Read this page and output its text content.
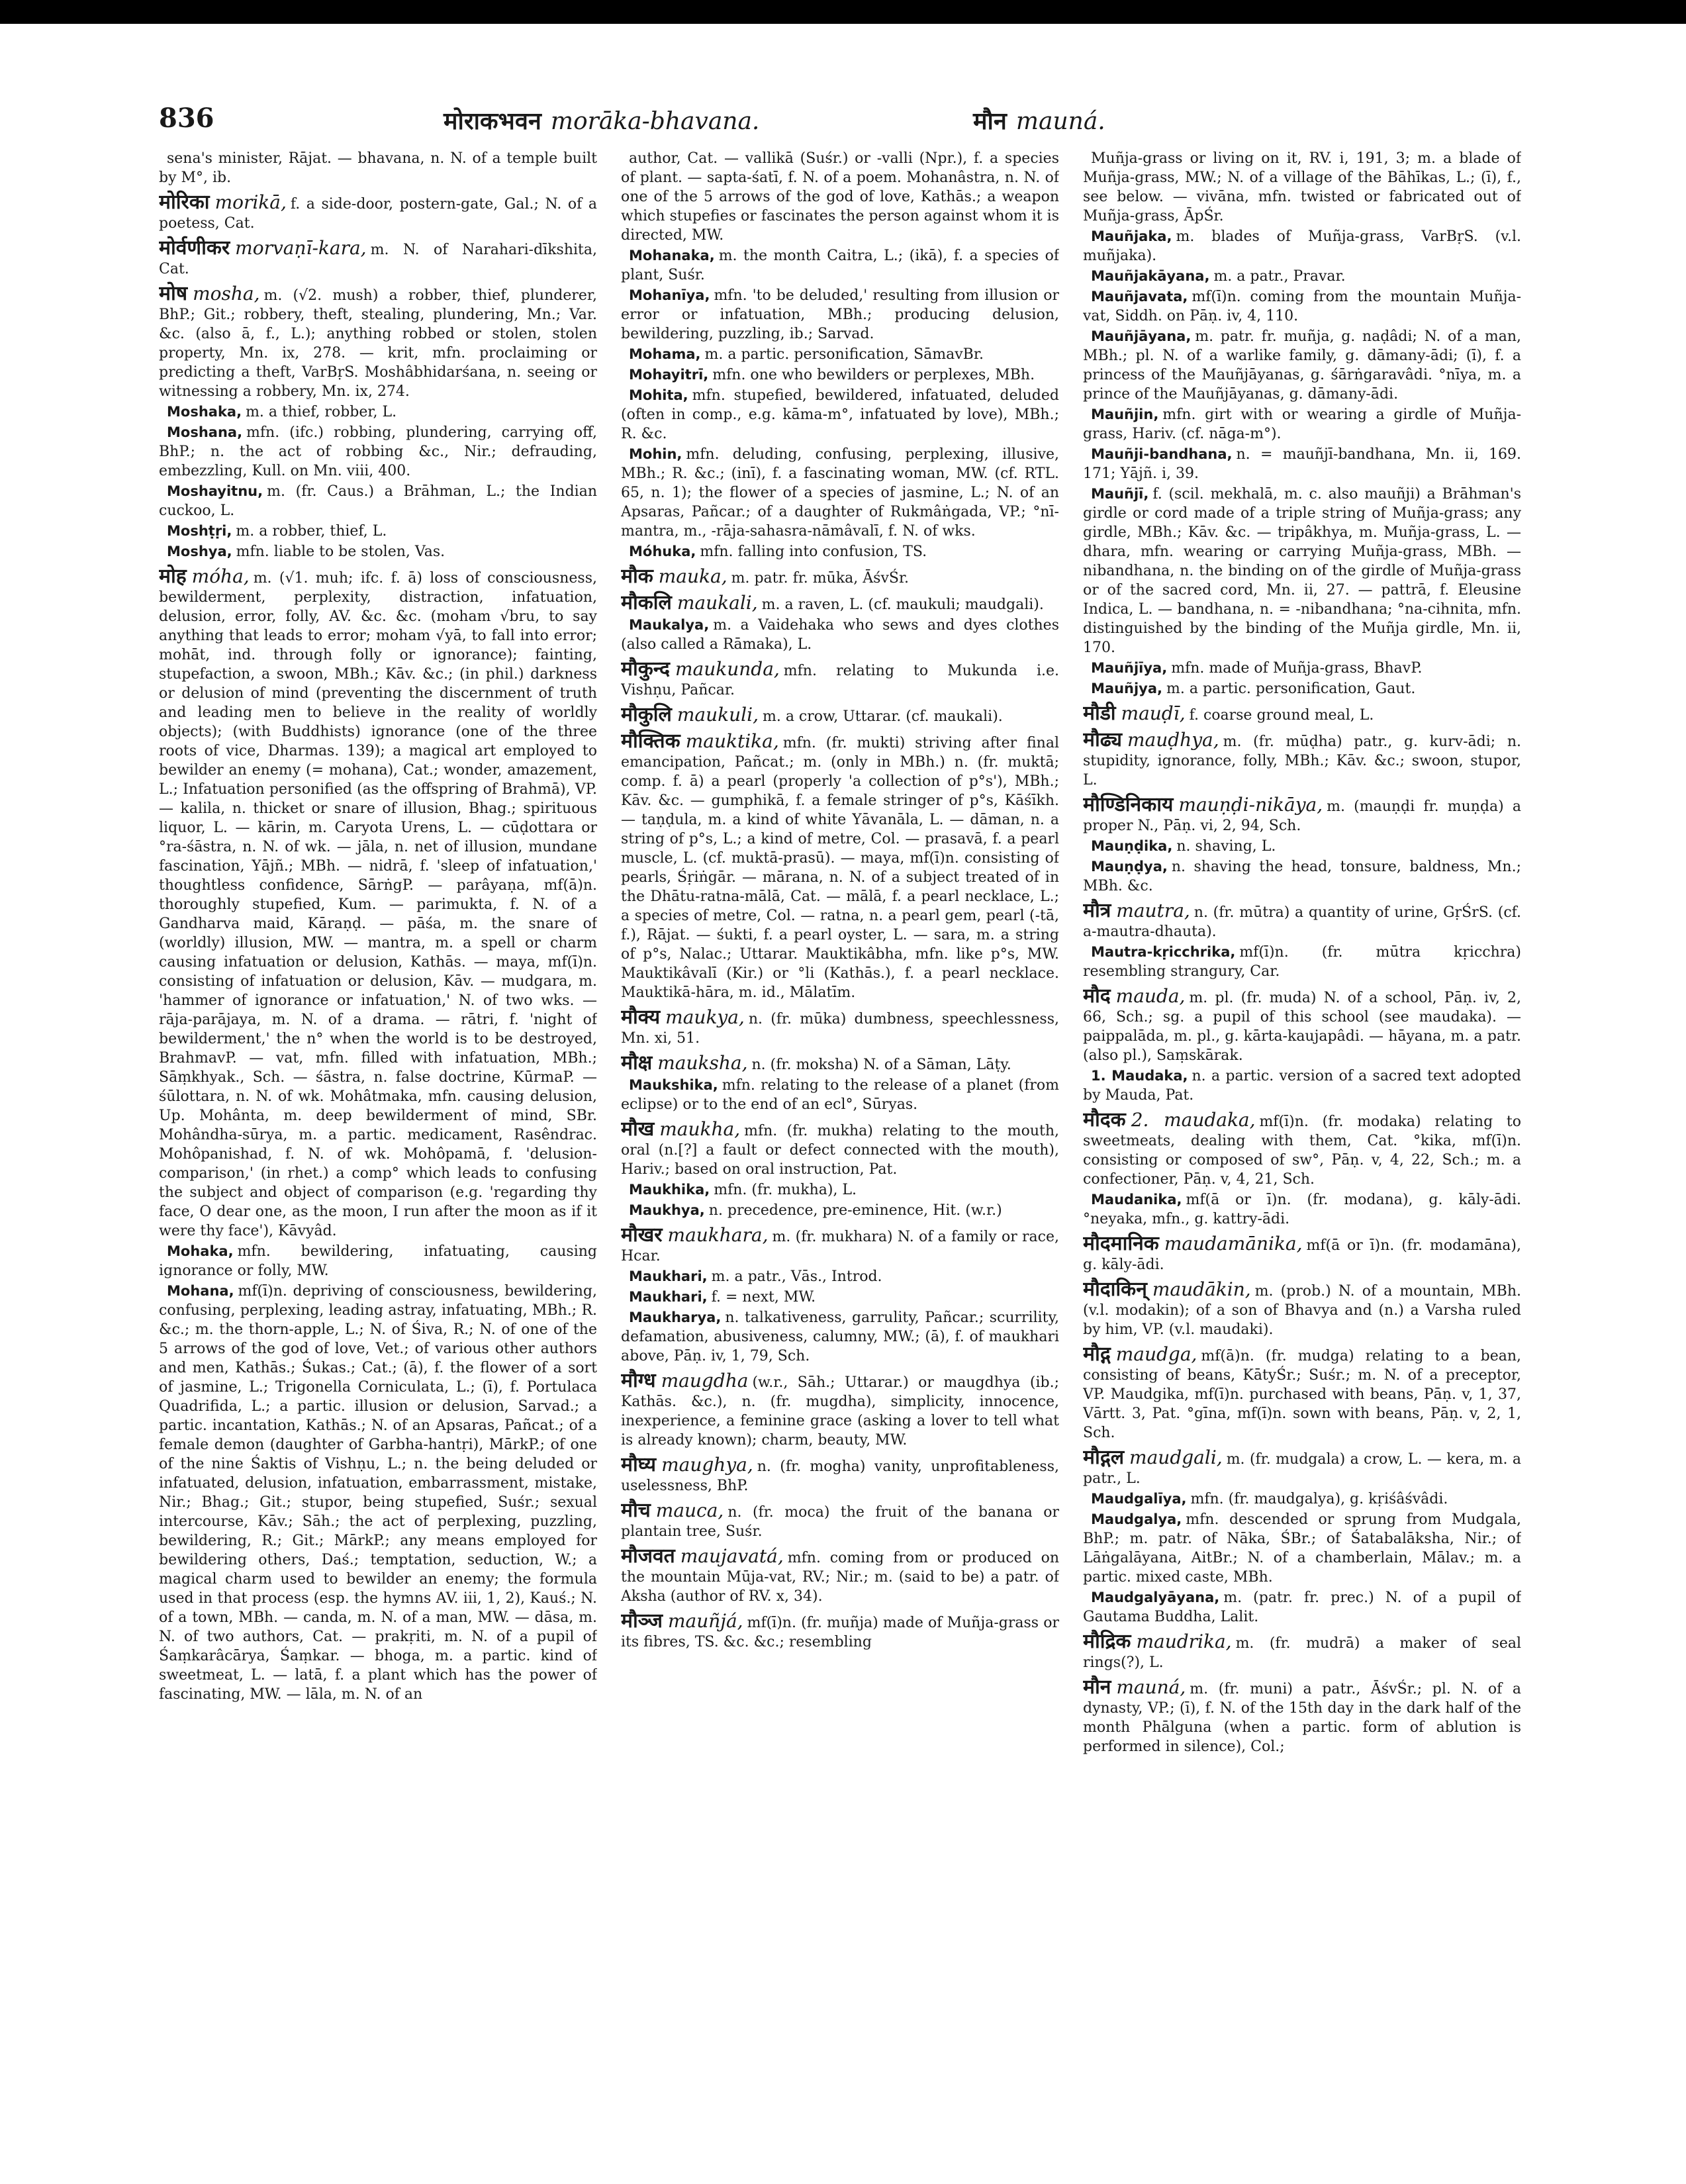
836	मोराकभवन morāka-bhavana.	मौन mauná.

sena's minister, Rājat. — bhavana, n. N. of a temple built by M°, ib.

मोरिका morikā, f. a side-door, postern-gate, Gal.; N. of a poetess, Cat.

मोर्वणीकर morvaṇī-kara, m. N. of Narahari-dīkshita, Cat.

मोष mosha, m. (√2. mush) a robber, thief, plunderer, BhP.; Git.; robbery, theft, stealing, plundering, Mn.; Var. &c. (also ā, f., L.); anything robbed or stolen, stolen property, Mn. ix, 278. — krit, mfn. proclaiming or predicting a theft, VarBṛS. Moshâbhidarśana, n. seeing or witnessing a robbery, Mn. ix, 274.

Moshaka, m. a thief, robber, L.

Moshana, mfn. (ifc.) robbing, plundering, carrying off, BhP.; n. the act of robbing &c., Nir.; defrauding, embezzling, Kull. on Mn. viii, 400.

Moshayitnu, m. (fr. Caus.) a Brāhman, L.; the Indian cuckoo, L.

Moshṭṛi, m. a robber, thief, L.

Moshya, mfn. liable to be stolen, Vas.

मोह móha, m. (√1. muh; ifc. f. ā) loss of consciousness, bewilderment, perplexity, distraction, infatuation, delusion, error, folly, AV. &c. &c. (moham √bru, to say anything that leads to error; moham √yā, to fall into error; mohāt, ind. through folly or ignorance); fainting, stupefaction, a swoon, MBh.; Kāv. &c.; (in phil.) darkness or delusion of mind (preventing the discernment of truth and leading men to believe in the reality of worldly objects); (with Buddhists) ignorance (one of the three roots of vice, Dharmas. 139); a magical art employed to bewilder an enemy (= mohana), Cat.; wonder, amazement, L.; Infatuation personified (as the offspring of Brahmā), VP. — kalila, n. thicket or snare of illusion, Bhag.; spirituous liquor, L. — kārin, m. Caryota Urens, L. — cūḍottara or °ra-śāstra, n. N. of wk. — jāla, n. net of illusion, mundane fascination, Yājñ.; MBh. — nidrā, f. 'sleep of infatuation,' thoughtless confidence, SārṅgP. — parâyaṇa, mf(ā)n. thoroughly stupefied, Kum. — parimukta, f. N. of a Gandharva maid, Kāraṇḍ. — pāśa, m. the snare of (worldly) illusion, MW. — mantra, m. a spell or charm causing infatuation or delusion, Kathās. — maya, mf(ī)n. consisting of infatuation or delusion, Kāv. — mudgara, m. 'hammer of ignorance or infatuation,' N. of two wks. — rāja-parājaya, m. N. of a drama. — rātri, f. 'night of bewilderment,' the n° when the world is to be destroyed, BrahmavP. — vat, mfn. filled with infatuation, MBh.; Sāṃkhyak., Sch. — śāstra, n. false doctrine, KūrmaP. — śūlottara, n. N. of wk. Mohâtmaka, mfn. causing delusion, Up. Mohânta, m. deep bewilderment of mind, SBr. Mohândha-sūrya, m. a partic. medicament, Rasêndrac. Mohôpanishad, f. N. of wk. Mohôpamā, f. 'delusion-comparison,' (in rhet.) a comp° which leads to confusing the subject and object of comparison (e.g. 'regarding thy face, O dear one, as the moon, I run after the moon as if it were thy face'), Kāvyâd.

Mohaka, mfn. bewildering, infatuating, causing ignorance or folly, MW.

Mohana, mf(ī)n. depriving of consciousness, bewildering, confusing, perplexing, leading astray, infatuating, MBh.; R. &c.; m. the thorn-apple, L.; N. of Śiva, R.; N. of one of the 5 arrows of the god of love, Vet.; of various other authors and men, Kathās.; Śukas.; Cat.; (ā), f. the flower of a sort of jasmine, L.; Trigonella Corniculata, L.; (ī), f. Portulaca Quadrifida, L.; a partic. illusion or delusion, Sarvad.; a partic. incantation, Kathās.; N. of an Apsaras, Pañcat.; of a female demon (daughter of Garbha-hantṛi), MārkP.; of one of the nine Śaktis of Vishṇu, L.; n. the being deluded or infatuated, delusion, infatuation, embarrassment, mistake, Nir.; Bhag.; Git.; stupor, being stupefied, Suśr.; sexual intercourse, Kāv.; Sāh.; the act of perplexing, puzzling, bewildering, R.; Git.; MārkP.; any means employed for bewildering others, Daś.; temptation, seduction, W.; a magical charm used to bewilder an enemy; the formula used in that process (esp. the hymns AV. iii, 1, 2), Kauś.; N. of a town, MBh. — canda, m. N. of a man, MW. — dāsa, m. N. of two authors, Cat. — prakṛiti, m. N. of a pupil of Śaṃkarâcārya, Śaṃkar. — bhoga, m. a partic. kind of sweetmeat, L. — latā, f. a plant which has the power of fascinating, MW. — lāla, m. N. of an

author, Cat. — vallikā (Suśr.) or -valli (Npr.), f. a species of plant. — sapta-śatī, f. N. of a poem. Mohanâstra, n. N. of one of the 5 arrows of the god of love, Kathās.; a weapon which stupefies or fascinates the person against whom it is directed, MW.

Mohanaka, m. the month Caitra, L.; (ikā), f. a species of plant, Suśr.

Mohanīya, mfn. 'to be deluded,' resulting from illusion or error or infatuation, MBh.; producing delusion, bewildering, puzzling, ib.; Sarvad.

Mohama, m. a partic. personification, SāmavBr.

Mohayitrī, mfn. one who bewilders or perplexes, MBh.

Mohita, mfn. stupefied, bewildered, infatuated, deluded (often in comp., e.g. kāma-m°, infatuated by love), MBh.; R. &c.

Mohin, mfn. deluding, confusing, perplexing, illusive, MBh.; R. &c.; (inī), f. a fascinating woman, MW. (cf. RTL. 65, n. 1); the flower of a species of jasmine, L.; N. of an Apsaras, Pañcar.; of a daughter of Rukmâṅgada, VP.; °nī-mantra, m., -rāja-sahasra-nāmâvalī, f. N. of wks.

Móhuka, mfn. falling into confusion, TS.

मौक mauka, m. patr. fr. mūka, ĀśvŚr.

मौकलि maukali, m. a raven, L. (cf. maukuli; maudgali).

Maukalya, m. a Vaidehaka who sews and dyes clothes (also called a Rāmaka), L.

मौकुन्द maukunda, mfn. relating to Mukunda i.e. Vishṇu, Pañcar.

मौकुलि maukuli, m. a crow, Uttarar. (cf. maukali).

मौक्तिक mauktika, mfn. (fr. mukti) striving after final emancipation, Pañcat.; m. (only in MBh.) n. (fr. muktā; comp. f. ā) a pearl (properly 'a collection of p°s'), MBh.; Kāv. &c. — gumphikā, f. a female stringer of p°s, Kāśīkh. — taṇḍula, m. a kind of white Yāvanāla, L. — dāman, n. a string of p°s, L.; a kind of metre, Col. — prasavā, f. a pearl muscle, L. (cf. muktā-prasū). — maya, mf(ī)n. consisting of pearls, Śṛiṅgār. — mārana, n. N. of a subject treated of in the Dhātu-ratna-mālā, Cat. — mālā, f. a pearl necklace, L.; a species of metre, Col. — ratna, n. a pearl gem, pearl (-tā, f.), Rājat. — śukti, f. a pearl oyster, L. — sara, m. a string of p°s, Nalac.; Uttarar. Mauktikâbha, mfn. like p°s, MW. Mauktikâvalī (Kir.) or °li (Kathās.), f. a pearl necklace. Mauktikā-hāra, m. id., Mālatīm.

मौक्य maukya, n. (fr. mūka) dumbness, speechlessness, Mn. xi, 51.

मौक्ष mauksha, n. (fr. moksha) N. of a Sāman, Lāṭy.

Maukshika, mfn. relating to the release of a planet (from eclipse) or to the end of an ecl°, Sūryas.

मौख maukha, mfn. (fr. mukha) relating to the mouth, oral (n.[?] a fault or defect connected with the mouth), Hariv.; based on oral instruction, Pat.

Maukhika, mfn. (fr. mukha), L.

Maukhya, n. precedence, pre-eminence, Hit. (w.r.)

मौखर maukhara, m. (fr. mukhara) N. of a family or race, Hcar.

Maukhari, m. a patr., Vās., Introd.

Maukhari, f. = next, MW.

Maukharya, n. talkativeness, garrulity, Pañcar.; scurrility, defamation, abusiveness, calumny, MW.; (ā), f. of maukhari above, Pāṇ. iv, 1, 79, Sch.

मौग्ध maugdha (w.r., Sāh.; Uttarar.) or maugdhya (ib.; Kathās. &c.), n. (fr. mugdha), simplicity, innocence, inexperience, a feminine grace (asking a lover to tell what is already known); charm, beauty, MW.

मौघ्य maughya, n. (fr. mogha) vanity, unprofitableness, uselessness, BhP.

मौच mauca, n. (fr. moca) the fruit of the banana or plantain tree, Suśr.

मौजवत maujavatá, mfn. coming from or produced on the mountain Mūja-vat, RV.; Nir.; m. (said to be) a patr. of Aksha (author of RV. x, 34).

मौञ्ज mauñjá, mf(ī)n. (fr. muñja) made of Muñja-grass or its fibres, TS. &c. &c.; resembling

Muñja-grass or living on it, RV. i, 191, 3; m. a blade of Muñja-grass, MW.; N. of a village of the Bāhīkas, L.; (ī), f., see below. — vivāna, mfn. twisted or fabricated out of Muñja-grass, ĀpŚr.

Mauñjaka, m. blades of Muñja-grass, VarBṛS. (v.l. muñjaka).

Mauñjakāyana, m. a patr., Pravar.

Mauñjavata, mf(ī)n. coming from the mountain Muñja-vat, Siddh. on Pāṇ. iv, 4, 110.

Mauñjāyana, m. patr. fr. muñja, g. naḍâdi; N. of a man, MBh.; pl. N. of a warlike family, g. dāmany-ādi; (ī), f. a princess of the Mauñjāyanas, g. śārṅgaravâdi. °nīya, m. a prince of the Mauñjāyanas, g. dāmany-ādi.

Mauñjin, mfn. girt with or wearing a girdle of Muñja-grass, Hariv. (cf. nāga-m°).

Mauñji-bandhana, n. = mauñjī-bandhana, Mn. ii, 169. 171; Yājñ. i, 39.

Mauñjī, f. (scil. mekhalā, m. c. also mauñji) a Brāhman's girdle or cord made of a triple string of Muñja-grass; any girdle, MBh.; Kāv. &c. — tripâkhya, m. Muñja-grass, L. — dhara, mfn. wearing or carrying Muñja-grass, MBh. — nibandhana, n. the binding on of the girdle of Muñja-grass or of the sacred cord, Mn. ii, 27. — pattrā, f. Eleusine Indica, L. — bandhana, n. = -nibandhana; °na-cihnita, mfn. distinguished by the binding of the Muñja girdle, Mn. ii, 170.

Mauñjīya, mfn. made of Muñja-grass, BhavP.

Mauñjya, m. a partic. personification, Gaut.

मौडी mauḍī, f. coarse ground meal, L.

मौढ्य mauḍhya, m. (fr. mūḍha) patr., g. kurv-ādi; n. stupidity, ignorance, folly, MBh.; Kāv. &c.; swoon, stupor, L.

मौण्डिनिकाय mauṇḍi-nikāya, m. (mauṇḍi fr. muṇḍa) a proper N., Pāṇ. vi, 2, 94, Sch.

Mauṇḍika, n. shaving, L.

Mauṇḍya, n. shaving the head, tonsure, baldness, Mn.; MBh. &c.

मौत्र mautra, n. (fr. mūtra) a quantity of urine, GṛŚrS. (cf. a-mautra-dhauta).

Mautra-kṛicchrika, mf(ī)n. (fr. mūtra kṛicchra) resembling strangury, Car.

मौद mauda, m. pl. (fr. muda) N. of a school, Pāṇ. iv, 2, 66, Sch.; sg. a pupil of this school (see maudaka). — paippalāda, m. pl., g. kārta-kaujapâdi. — hāyana, m. a patr. (also pl.), Saṃskārak.

1. Maudaka, n. a partic. version of a sacred text adopted by Mauda, Pat.

मौदक 2. maudaka, mf(ī)n. (fr. modaka) relating to sweetmeats, dealing with them, Cat. °kika, mf(ī)n. consisting or composed of sw°, Pāṇ. v, 4, 22, Sch.; m. a confectioner, Pāṇ. v, 4, 21, Sch.

Maudanika, mf(ā or ī)n. (fr. modana), g. kāly-ādi. °neyaka, mfn., g. kattry-ādi.

मौदमानिक maudamānika, mf(ā or ī)n. (fr. modamāna), g. kāly-ādi.

मौदाकिन् maudākin, m. (prob.) N. of a mountain, MBh. (v.l. modakin); of a son of Bhavya and (n.) a Varsha ruled by him, VP. (v.l. maudaki).

मौद्ग maudga, mf(ā)n. (fr. mudga) relating to a bean, consisting of beans, KātyŚr.; Suśr.; m. N. of a preceptor, VP. Maudgika, mf(ī)n. purchased with beans, Pāṇ. v, 1, 37, Vārtt. 3, Pat. °gīna, mf(ī)n. sown with beans, Pāṇ. v, 2, 1, Sch.

मौद्गल maudgali, m. (fr. mudgala) a crow, L. — kera, m. a patr., L.

Maudgalīya, mfn. (fr. maudgalya), g. kṛiśâśvâdi.

Maudgalya, mfn. descended or sprung from Mudgala, BhP.; m. patr. of Nāka, ŚBr.; of Śatabalāksha, Nir.; of Lāṅgalāyana, AitBr.; N. of a chamberlain, Mālav.; m. a partic. mixed caste, MBh.

Maudgalyāyana, m. (patr. fr. prec.) N. of a pupil of Gautama Buddha, Lalit.

मौद्रिक maudrika, m. (fr. mudrā) a maker of seal rings(?), L.

मौन mauná, m. (fr. muni) a patr., ĀśvŚr.; pl. N. of a dynasty, VP.; (ī), f. N. of the 15th day in the dark half of the month Phālguna (when a partic. form of ablution is performed in silence), Col.;
